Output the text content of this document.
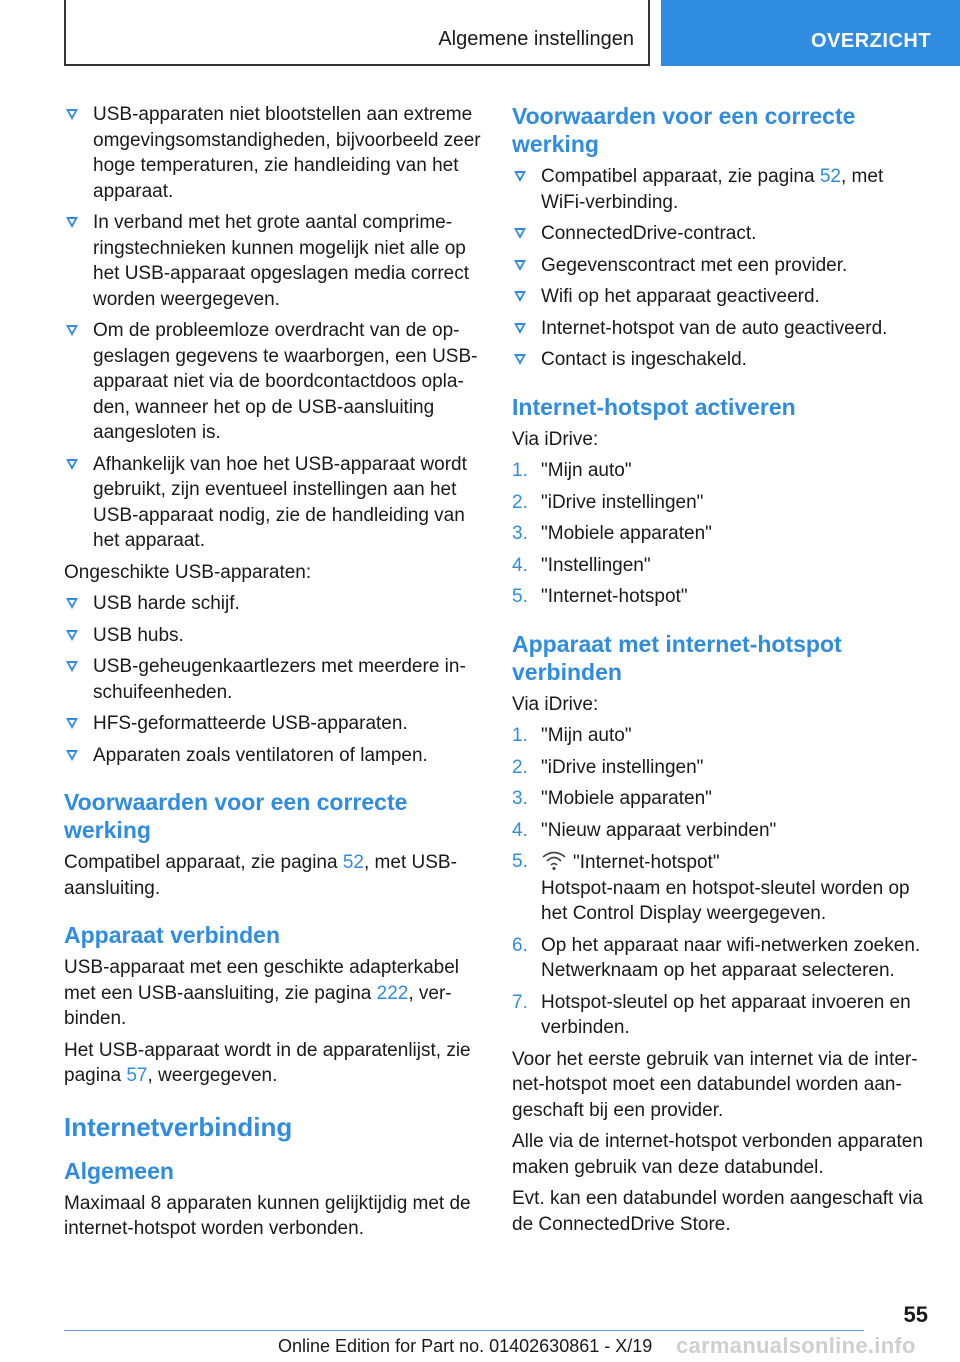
Algemene instellingen	OVERZICHT
USB-apparaten niet blootstellen aan extreme omgevingsomstandigheden, bijvoorbeeld zeer hoge temperaturen, zie handleiding van het apparaat.
In verband met het grote aantal comprimeringstechnieken kunnen mogelijk niet alle op het USB-apparaat opgeslagen media correct worden weergegeven.
Om de probleemloze overdracht van de opgeslagen gegevens te waarborgen, een USB-apparaat niet via de boordcontactdoos opladen, wanneer het op de USB-aansluiting aangesloten is.
Afhankelijk van hoe het USB-apparaat wordt gebruikt, zijn eventueel instellingen aan het USB-apparaat nodig, zie de handleiding van het apparaat.

Ongeschikte USB-apparaten:

USB harde schijf.
USB hubs.
USB-geheugenkaartlezers met meerdere inschuifeenheden.
HFS-geformatteerde USB-apparaten.
Apparaten zoals ventilatoren of lampen.
Voorwaarden voor een correcte werking

Compatibel apparaat, zie pagina 52, met USB-aansluiting.

Apparaat verbinden

USB-apparaat met een geschikte adapterkabel met een USB-aansluiting, zie pagina 222, verbinden.

Het USB-apparaat wordt in de apparatenlijst, zie pagina 57, weergegeven.

Internetverbinding
Algemeen

Maximaal 8 apparaten kunnen gelijktijdig met de internet-hotspot worden verbonden.

Voorwaarden voor een correcte werking
Compatibel apparaat, zie pagina 52, met WiFi-verbinding.
ConnectedDrive-contract.
Gegevenscontract met een provider.
Wifi op het apparaat geactiveerd.
Internet-hotspot van de auto geactiveerd.
Contact is ingeschakeld.
Internet-hotspot activeren

Via iDrive:

1. "Mijn auto"
2. "iDrive instellingen"
3. "Mobiele apparaten"
4. "Instellingen"
5. "Internet-hotspot"
Apparaat met internet-hotspot verbinden

Via iDrive:

1. "Mijn auto"
2. "iDrive instellingen"
3. "Mobiele apparaten"
4. "Nieuw apparaat verbinden"
5. "Internet-hotspot"
Hotspot-naam en hotspot-sleutel worden op het Control Display weergegeven.
6. Op het apparaat naar wifi-netwerken zoeken.
Netwerknaam op het apparaat selecteren.
7. Hotspot-sleutel op het apparaat invoeren en verbinden.

Voor het eerste gebruik van internet via de internet-hotspot moet een databundel worden aangeschaft bij een provider.

Alle via de internet-hotspot verbonden apparaten maken gebruik van deze databundel.

Evt. kan een databundel worden aangeschaft via de ConnectedDrive Store.

55
Online Edition for Part no. 01402630861 - X/19 carmanualsonline.info
